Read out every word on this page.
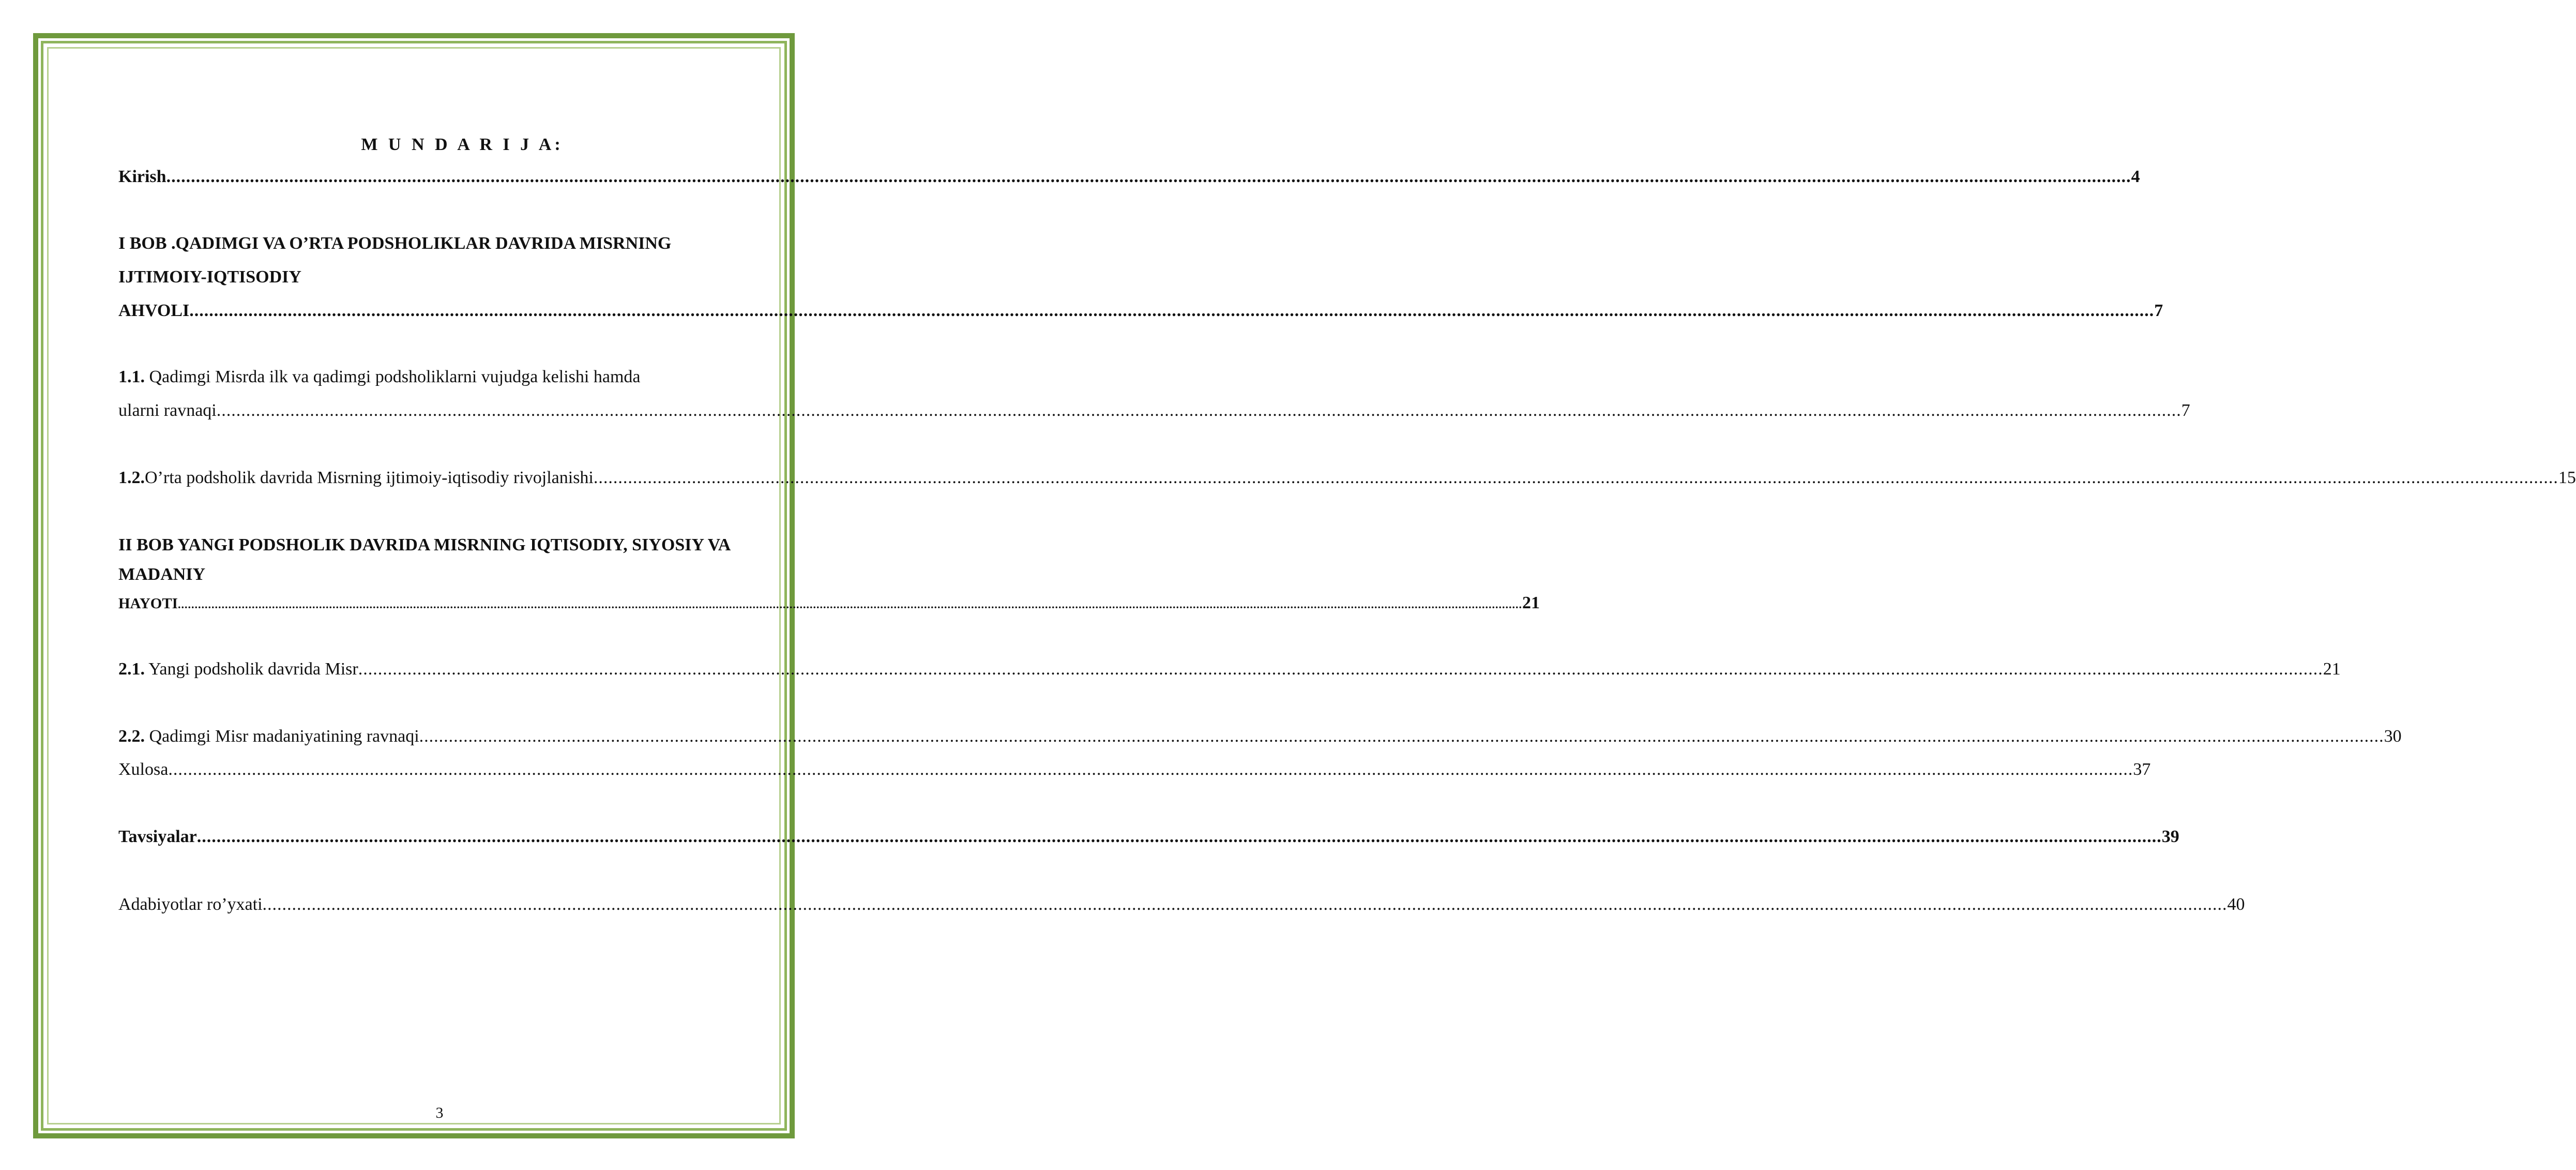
M U N D A R I J A:
Kirish ................................................................................................................................................................................................................................................................................................................................................................................................................ 4
I BOB .QADIMGI VA O’RTA PODSHOLIKLAR DAVRIDA MISRNING
IJTIMOIY-IQTISODIY
AHVOLI ................................................................................................................................................................................................................................................................................................................................................................................................................ 7
1.1. Qadimgi Misrda ilk va qadimgi podsholiklarni vujudga kelishi hamda
ularni ravnaqi ................................................................................................................................................................................................................................................................................................................................................................................................................ 7
1.2.O’rta podsholik davrida Misrning ijtimoiy-iqtisodiy rivojlanishi ................................................................................................................................................................................................................................................................................................................................................................................................................ 15
II BOB YANGI PODSHOLIK DAVRIDA MISRNING IQTISODIY, SIYOSIY VA
MADANIY
HAYOTI ................................................................................................................................................................................................................................................................................................................................................................................................................ 21
2.1. Yangi podsholik davrida Misr ................................................................................................................................................................................................................................................................................................................................................................................................................ 21
2.2. Qadimgi Misr madaniyatining ravnaqi ................................................................................................................................................................................................................................................................................................................................................................................................................ 30
Xulosa ................................................................................................................................................................................................................................................................................................................................................................................................................ 37
Tavsiyalar ................................................................................................................................................................................................................................................................................................................................................................................................................ 39
Adabiyotlar ro’yxati ................................................................................................................................................................................................................................................................................................................................................................................................................ 40
3
